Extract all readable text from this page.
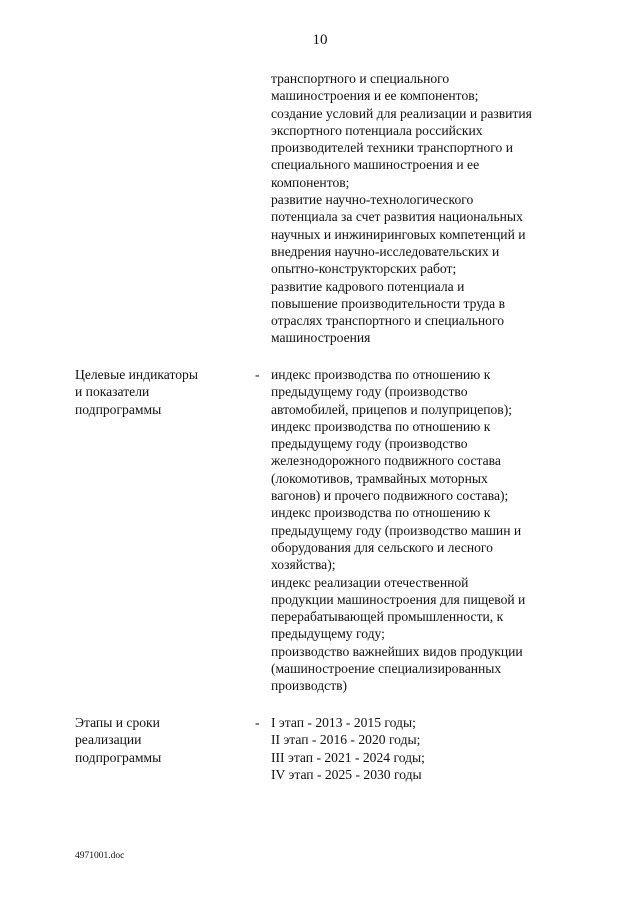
10
транспортного и специального
машиностроения и ее компонентов;
создание условий для реализации и развития
экспортного потенциала российских
производителей техники транспортного и
специального машиностроения и ее
компонентов;
развитие научно-технологического
потенциала за счет развития национальных
научных и инжиниринговых компетенций и
внедрения научно-исследовательских и
опытно-конструкторских работ;
развитие кадрового потенциала и
повышение производительности труда в
отраслях транспортного и специального
машиностроения
Целевые индикаторы
и показатели
подпрограммы
- индекс производства по отношению к
предыдущему году (производство
автомобилей, прицепов и полуприцепов);
индекс производства по отношению к
предыдущему году (производство
железнодорожного подвижного состава
(локомотивов, трамвайных моторных
вагонов) и прочего подвижного состава);
индекс производства по отношению к
предыдущему году (производство машин и
оборудования для сельского и лесного
хозяйства);
индекс реализации отечественной
продукции машиностроения для пищевой и
перерабатывающей промышленности, к
предыдущему году;
производство важнейших видов продукции
(машиностроение специализированных
производств)
Этапы и сроки
реализации
подпрограммы
- I этап - 2013 - 2015 годы;
II этап - 2016 - 2020 годы;
III этап - 2021 - 2024 годы;
IV этап - 2025 - 2030 годы
4971001.doc
